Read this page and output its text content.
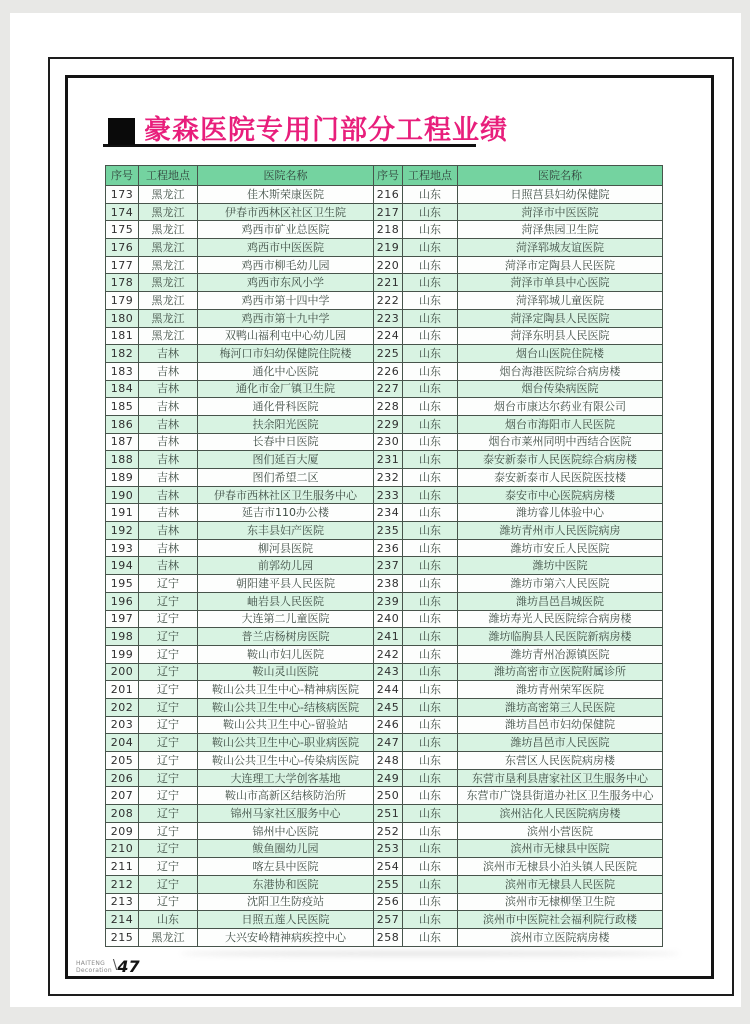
豪森医院专用门部分工程业绩
序号	工程地点	医院名称	序号	工程地点	医院名称
173	黑龙江	佳木斯荣康医院	216	山东	日照莒县妇幼保健院
174	黑龙江	伊春市西林区社区卫生院	217	山东	菏泽市中医医院
175	黑龙江	鸡西市矿业总医院	218	山东	菏泽焦园卫生院
176	黑龙江	鸡西市中医医院	219	山东	菏泽郓城友谊医院
177	黑龙江	鸡西市柳毛幼儿园	220	山东	菏泽市定陶县人民医院
178	黑龙江	鸡西市东风小学	221	山东	菏泽市单县中心医院
179	黑龙江	鸡西市第十四中学	222	山东	菏泽郓城儿童医院
180	黑龙江	鸡西市第十九中学	223	山东	菏泽定陶县人民医院
181	黑龙江	双鸭山福利屯中心幼儿园	224	山东	菏泽东明县人民医院
182	吉林	梅河口市妇幼保健院住院楼	225	山东	烟台山医院住院楼
183	吉林	通化中心医院	226	山东	烟台海港医院综合病房楼
184	吉林	通化市金厂镇卫生院	227	山东	烟台传染病医院
185	吉林	通化骨科医院	228	山东	烟台市康达尔药业有限公司
186	吉林	扶余阳光医院	229	山东	烟台市海阳市人民医院
187	吉林	长春中日医院	230	山东	烟台市莱州同明中西结合医院
188	吉林	图们延百大厦	231	山东	泰安新泰市人民医院综合病房楼
189	吉林	图们希望二区	232	山东	泰安新泰市人民医院医技楼
190	吉林	伊春市西林社区卫生服务中心	233	山东	泰安市中心医院病房楼
191	吉林	延吉市110办公楼	234	山东	潍坊睿儿体验中心
192	吉林	东丰县妇产医院	235	山东	潍坊青州市人民医院病房
193	吉林	柳河县医院	236	山东	潍坊市安丘人民医院
194	吉林	前郭幼儿园	237	山东	潍坊中医院
195	辽宁	朝阳建平县人民医院	238	山东	潍坊市第六人民医院
196	辽宁	岫岩县人民医院	239	山东	潍坊昌邑昌城医院
197	辽宁	大连第二儿童医院	240	山东	潍坊寿光人民医院综合病房楼
198	辽宁	普兰店杨树房医院	241	山东	潍坊临朐县人民医院新病房楼
199	辽宁	鞍山市妇儿医院	242	山东	潍坊青州冶源镇医院
200	辽宁	鞍山灵山医院	243	山东	潍坊高密市立医院附属诊所
201	辽宁	鞍山公共卫生中心-精神病医院	244	山东	潍坊青州荣军医院
202	辽宁	鞍山公共卫生中心-结核病医院	245	山东	潍坊高密第三人民医院
203	辽宁	鞍山公共卫生中心-留验站	246	山东	潍坊昌邑市妇幼保健院
204	辽宁	鞍山公共卫生中心-职业病医院	247	山东	潍坊昌邑市人民医院
205	辽宁	鞍山公共卫生中心-传染病医院	248	山东	东营区人民医院病房楼
206	辽宁	大连理工大学创客基地	249	山东	东营市垦利县唐家社区卫生服务中心
207	辽宁	鞍山市高新区结核防治所	250	山东	东营市广饶县街道办社区卫生服务中心
208	辽宁	锦州马家社区服务中心	251	山东	滨州沾化人民医院病房楼
209	辽宁	锦州中心医院	252	山东	滨州小营医院
210	辽宁	鲅鱼圈幼儿园	253	山东	滨州市无棣县中医院
211	辽宁	喀左县中医院	254	山东	滨州市无棣县小泊头镇人民医院
212	辽宁	东港协和医院	255	山东	滨州市无棣县人民医院
213	辽宁	沈阳卫生防疫站	256	山东	滨州市无棣柳堡卫生院
214	山东	日照五莲人民医院	257	山东	滨州市中医院社会福利院行政楼
215	黑龙江	大兴安岭精神病疾控中心	258	山东	滨州市立医院病房楼
HAITENG
Decoration \47
